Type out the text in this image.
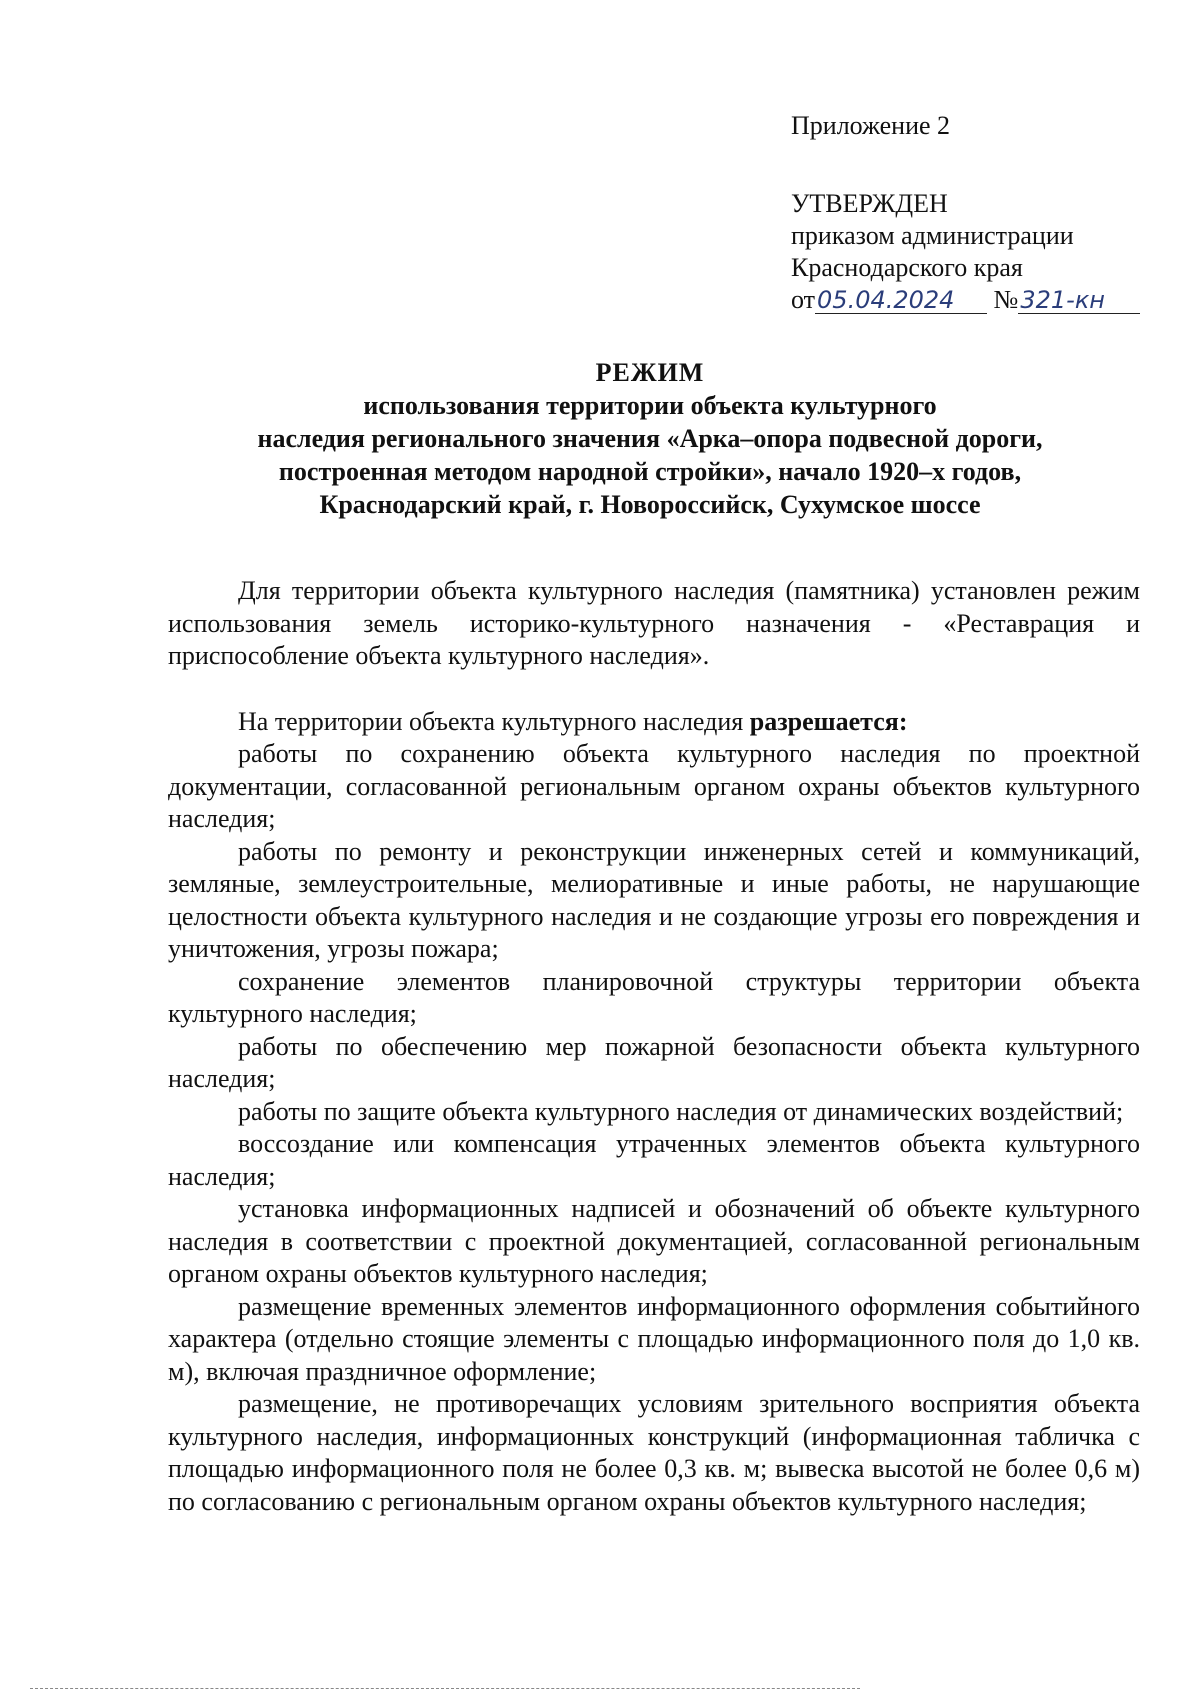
Приложение 2
УТВЕРЖДЕН
приказом администрации
Краснодарского края
от05.04.2024 №321-кн
РЕЖИМ
использования территории объекта культурного
наследия регионального значения «Арка–опора подвесной дороги,
построенная методом народной стройки», начало 1920–х годов,
Краснодарский край, г. Новороссийск, Сухумское шоссе

Для территории объекта культурного наследия (памятника) установлен режим использования земель историко-культурного назначения - «Реставрация и приспособление объекта культурного наследия».

На территории объекта культурного наследия разрешается:

работы по сохранению объекта культурного наследия по проектной документации, согласованной региональным органом охраны объектов культурного наследия;

работы по ремонту и реконструкции инженерных сетей и коммуникаций, земляные, землеустроительные, мелиоративные и иные работы, не нарушающие целостности объекта культурного наследия и не создающие угрозы его повреждения и уничтожения, угрозы пожара;

сохранение элементов планировочной структуры территории объекта культурного наследия;

работы по обеспечению мер пожарной безопасности объекта культурного наследия;

работы по защите объекта культурного наследия от динамических воздействий;

воссоздание или компенсация утраченных элементов объекта культурного наследия;

установка информационных надписей и обозначений об объекте культурного наследия в соответствии с проектной документацией, согласованной региональным органом охраны объектов культурного наследия;

размещение временных элементов информационного оформления событийного характера (отдельно стоящие элементы с площадью информационного поля до 1,0 кв. м), включая праздничное оформление;

размещение, не противоречащих условиям зрительного восприятия объекта культурного наследия, информационных конструкций (информационная табличка с площадью информационного поля не более 0,3 кв. м; вывеска высотой не более 0,6 м) по согласованию с региональным органом охраны объектов культурного наследия;
